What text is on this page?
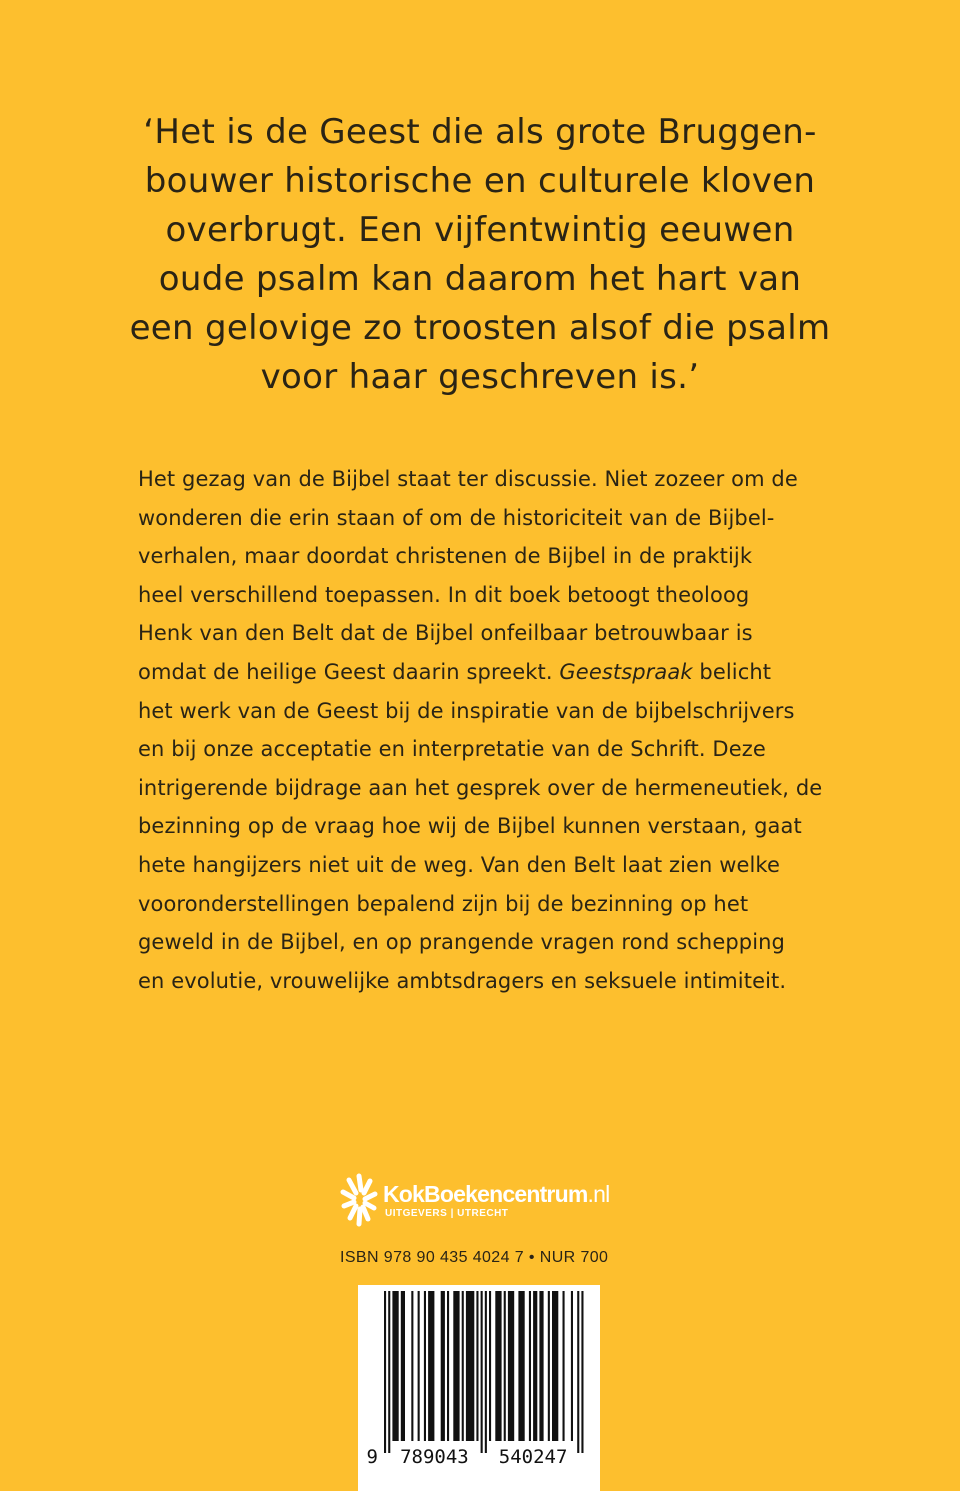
‘Het is de Geest die als grote Bruggen-
bouwer historische en culturele kloven
overbrugt. Een vijfentwintig eeuwen
oude psalm kan daarom het hart van
een gelovige zo troosten alsof die psalm
voor haar geschreven is.’
Het gezag van de Bijbel staat ter discussie. Niet zozeer om de
wonderen die erin staan of om de historiciteit van de Bijbel-
verhalen, maar doordat christenen de Bijbel in de praktijk
heel verschillend toepassen. In dit boek betoogt theoloog
Henk van den Belt dat de Bijbel onfeilbaar betrouwbaar is
omdat de heilige Geest daarin spreekt. Geestspraak belicht
het werk van de Geest bij de inspiratie van de bijbelschrijvers
en bij onze acceptatie en interpretatie van de Schrift. Deze
intrigerende bijdrage aan het gesprek over de hermeneutiek, de
bezinning op de vraag hoe wij de Bijbel kunnen verstaan, gaat
hete hangijzers niet uit de weg. Van den Belt laat zien welke
vooronderstellingen bepalend zijn bij de bezinning op het
geweld in de Bijbel, en op prangende vragen rond schepping
en evolutie, vrouwelijke ambtsdragers en seksuele intimiteit.
KokBoekencentrum.nl
UITGEVERS | UTRECHT
ISBN 978 90 435 4024 7 • NUR 700
9 789043 540247
